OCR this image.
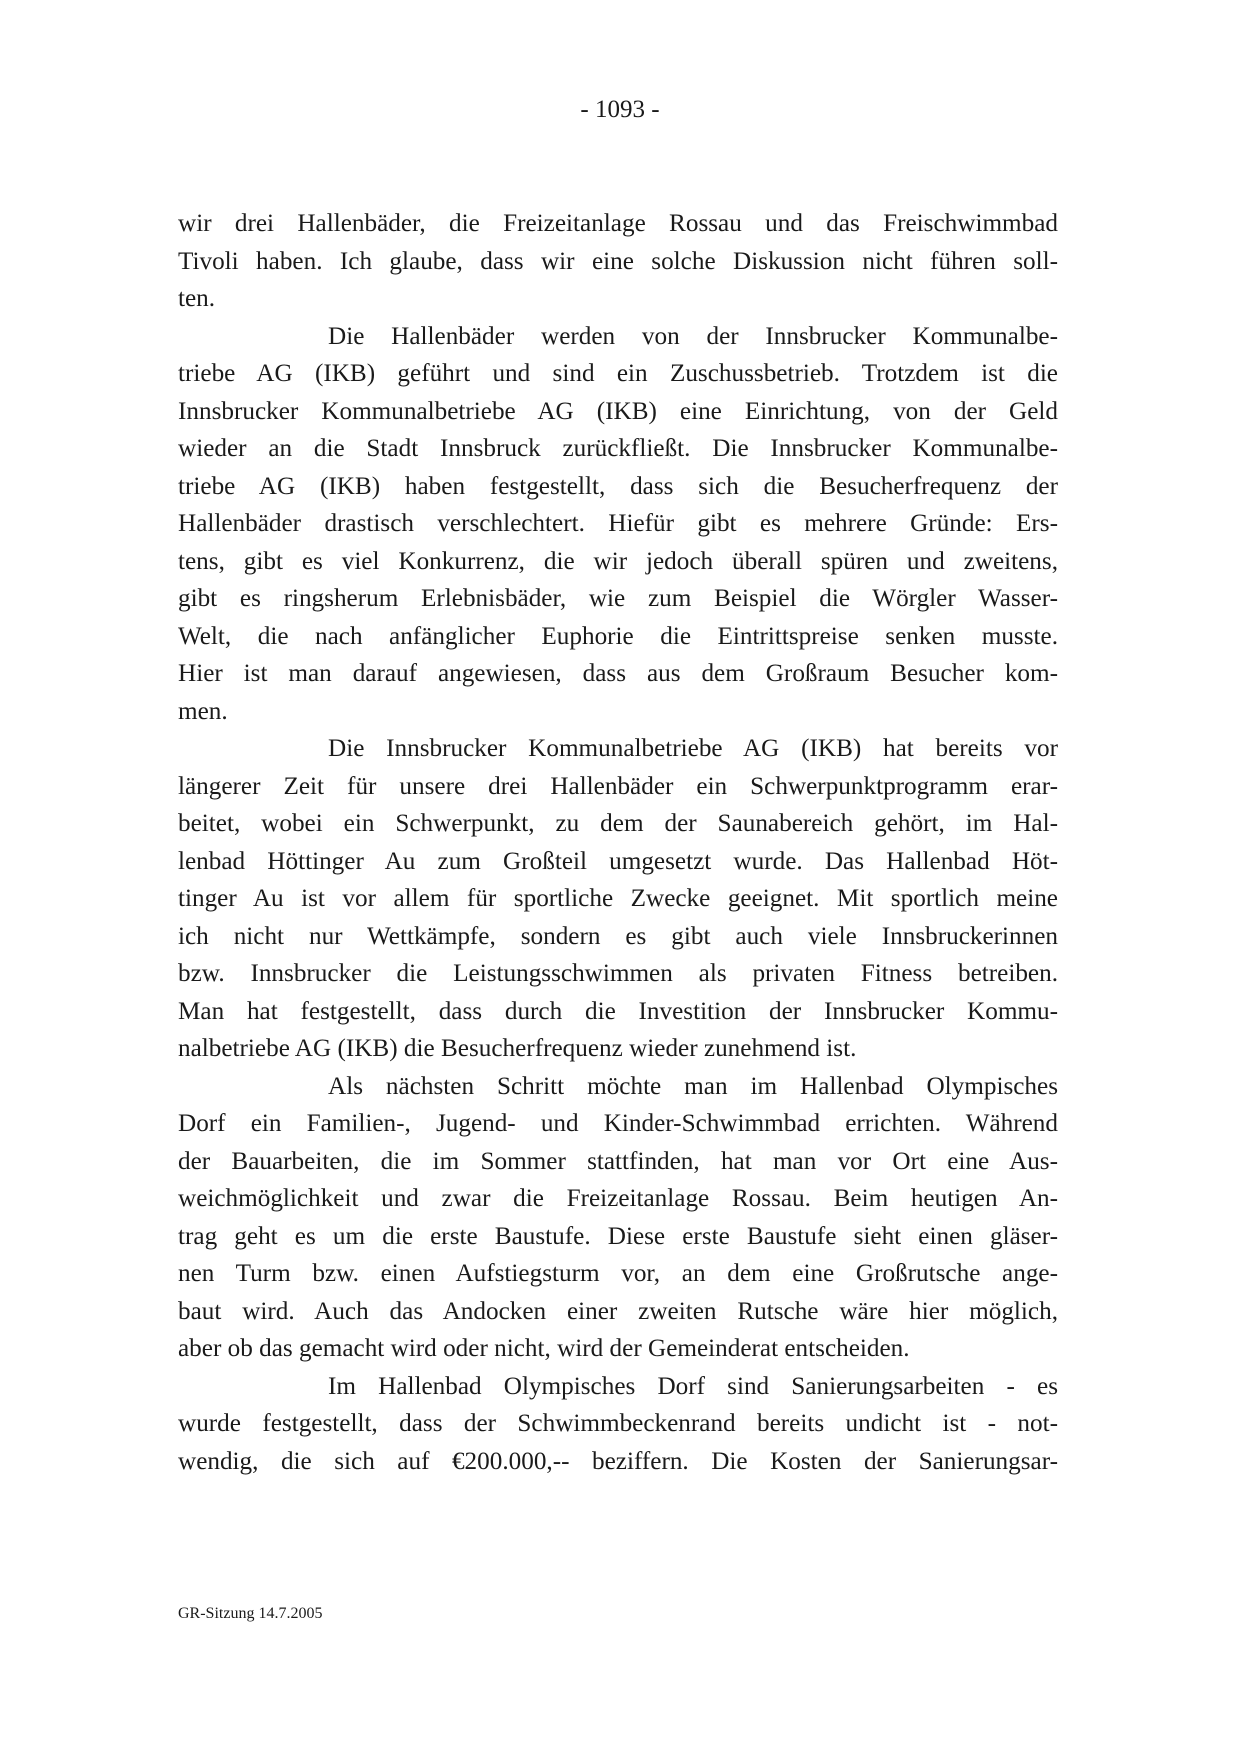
- 1093 -
wir drei Hallenbäder, die Freizeitanlage Rossau und das Freischwimmbad
Tivoli haben. Ich glaube, dass wir eine solche Diskussion nicht führen soll-
ten.
Die Hallenbäder werden von der Innsbrucker Kommunalbe-
triebe AG (IKB) geführt und sind ein Zuschussbetrieb. Trotzdem ist die
Innsbrucker Kommunalbetriebe AG (IKB) eine Einrichtung, von der Geld
wieder an die Stadt Innsbruck zurückfließt. Die Innsbrucker Kommunalbe-
triebe AG (IKB) haben festgestellt, dass sich die Besucherfrequenz der
Hallenbäder drastisch verschlechtert. Hiefür gibt es mehrere Gründe: Ers-
tens, gibt es viel Konkurrenz, die wir jedoch überall spüren und zweitens,
gibt es ringsherum Erlebnisbäder, wie zum Beispiel die Wörgler Wasser-
Welt, die nach anfänglicher Euphorie die Eintrittspreise senken musste.
Hier ist man darauf angewiesen, dass aus dem Großraum Besucher kom-
men.
Die Innsbrucker Kommunalbetriebe AG (IKB) hat bereits vor
längerer Zeit für unsere drei Hallenbäder ein Schwerpunktprogramm erar-
beitet, wobei ein Schwerpunkt, zu dem der Saunabereich gehört, im Hal-
lenbad Höttinger Au zum Großteil umgesetzt wurde. Das Hallenbad Höt-
tinger Au ist vor allem für sportliche Zwecke geeignet. Mit sportlich meine
ich nicht nur Wettkämpfe, sondern es gibt auch viele Innsbruckerinnen
bzw. Innsbrucker die Leistungsschwimmen als privaten Fitness betreiben.
Man hat festgestellt, dass durch die Investition der Innsbrucker Kommu-
nalbetriebe AG (IKB) die Besucherfrequenz wieder zunehmend ist.
Als nächsten Schritt möchte man im Hallenbad Olympisches
Dorf ein Familien-, Jugend- und Kinder-Schwimmbad errichten. Während
der Bauarbeiten, die im Sommer stattfinden, hat man vor Ort eine Aus-
weichmöglichkeit und zwar die Freizeitanlage Rossau. Beim heutigen An-
trag geht es um die erste Baustufe. Diese erste Baustufe sieht einen gläser-
nen Turm bzw. einen Aufstiegsturm vor, an dem eine Großrutsche ange-
baut wird. Auch das Andocken einer zweiten Rutsche wäre hier möglich,
aber ob das gemacht wird oder nicht, wird der Gemeinderat entscheiden.
Im Hallenbad Olympisches Dorf sind Sanierungsarbeiten - es
wurde festgestellt, dass der Schwimmbeckenrand bereits undicht ist - not-
wendig, die sich auf €200.000,-- beziffern. Die Kosten der Sanierungsar-
GR-Sitzung 14.7.2005
